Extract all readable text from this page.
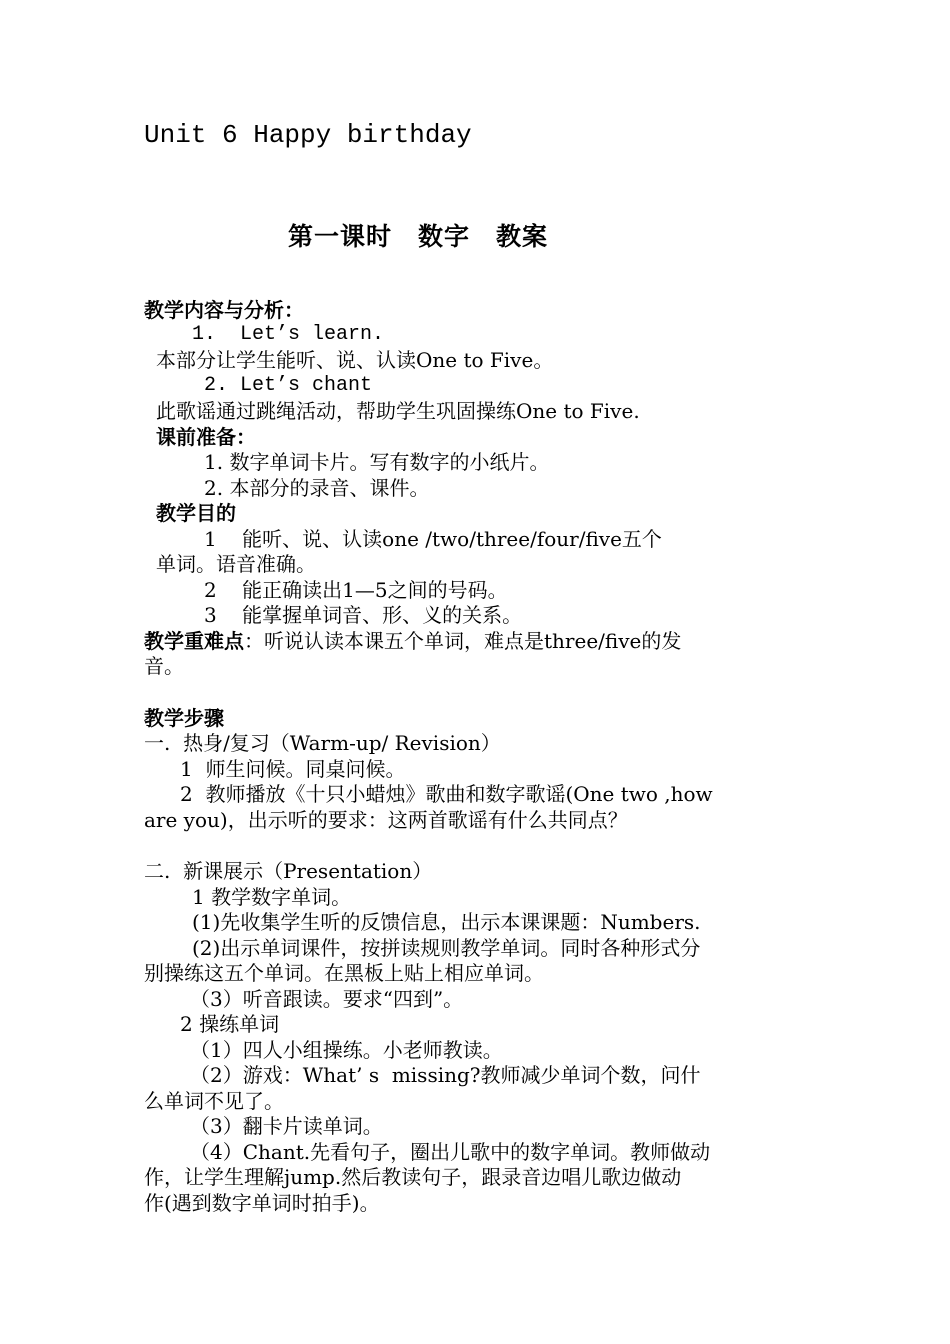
Unit 6 Happy birthday
第一课时　数字　教案
教学内容与分析：
1.  Let’s learn.
本部分让学生能听、说、认读One to Five。
2. Let’s chant
此歌谣通过跳绳活动，帮助学生巩固操练One to Five.
课前准备：
1. 数字单词卡片。写有数字的小纸片。
2. 本部分的录音、课件。
教学目的
1    能听、说、认读one /two/three/four/five五个
单词。语音准确。
2    能正确读出1—5之间的号码。
3    能掌握单词音、形、义的关系。
教学重难点：听说认读本课五个单词，难点是three/five的发
音。
教学步骤
一.  热身/复习（Warm-up/ Revision）
1  师生问候。同桌问候。
2  教师播放《十只小蜡烛》歌曲和数字歌谣(One two ,how
are you)，出示听的要求：这两首歌谣有什么共同点？
二.  新课展示（Presentation）
1 教学数字单词。
(1)先收集学生听的反馈信息，出示本课课题：Numbers.
(2)出示单词课件，按拼读规则教学单词。同时各种形式分
别操练这五个单词。在黑板上贴上相应单词。
（3）听音跟读。要求“四到”。
2 操练单词
（1）四人小组操练。小老师教读。
（2）游戏：What’ s  missing?教师减少单词个数，问什
么单词不见了。
（3）翻卡片读单词。
（4）Chant.先看句子，圈出儿歌中的数字单词。教师做动
作，让学生理解jump.然后教读句子，跟录音边唱儿歌边做动
作(遇到数字单词时拍手)。
